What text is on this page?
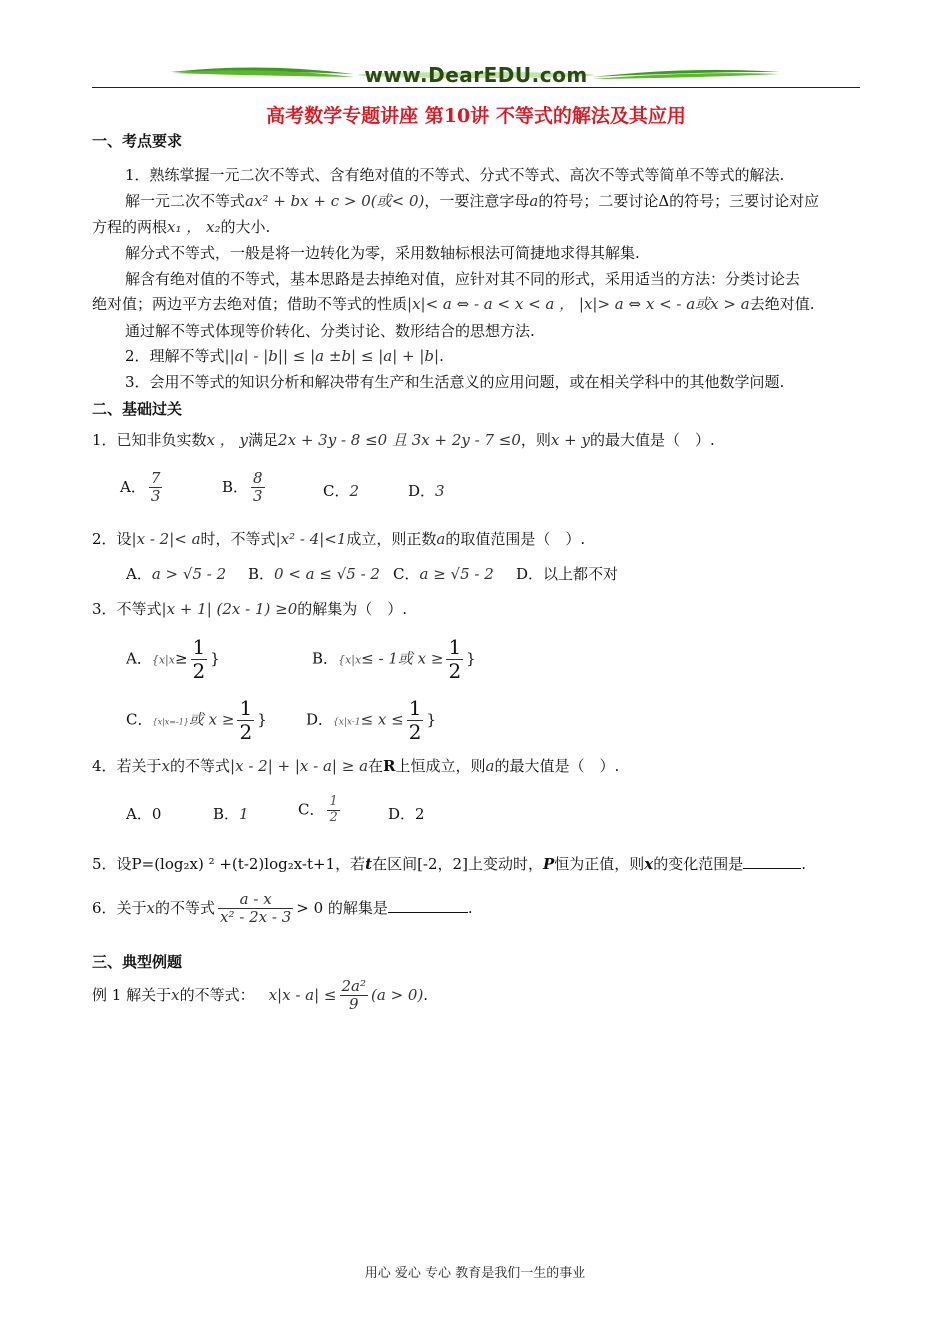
www.DearEDU.com
高考数学专题讲座 第10讲 不等式的解法及其应用
一、考点要求
1．熟练掌握一元二次不等式、含有绝对值的不等式、分式不等式、高次不等式等简单不等式的解法.
解一元二次不等式ax² + bx + c > 0(或< 0)，一要注意字母a的符号；二要讨论Δ的符号；三要讨论对应
方程的两根x₁ ， x₂的大小.
解分式不等式，一般是将一边转化为零，采用数轴标根法可简捷地求得其解集.
解含有绝对值的不等式，基本思路是去掉绝对值，应针对其不同的形式，采用适当的方法：分类讨论去
绝对值；两边平方去绝对值；借助不等式的性质|x|< a ⇔ - a < x < a ， |x|> a ⇔ x < - a或x > a去绝对值.
通过解不等式体现等价转化、分类讨论、数形结合的思想方法.
2．理解不等式||a| - |b|| ≤ |a ±b| ≤ |a| + |b|.
3．会用不等式的知识分析和解决带有生产和生活意义的应用问题，或在相关学科中的其他数学问题.
二、基础过关
1．已知非负实数x ， y满足2x + 3y - 8 ≤0 且 3x + 2y - 7 ≤0，则x + y的最大值是（　）.
A． $\frac{7}{3}$	B． $\frac{8}{3}$	C．2	D．3
2．设|x - 2|< a时，不等式|x² - 4|<1成立，则正数a的取值范围是（　）.
A．a > √5 - 2 B．0 < a ≤ √5 - 2 C．a ≥ √5 - 2 D．以上都不对
3．不等式|x + 1| (2x - 1) ≥0的解集为（　）.
A．{$x|x\ge \frac{1}{2}$ }	B．{x|x≤ - 1或 $x \ge \frac{1}{2}$ }
C．{x|x=-1}或 $x \ge \frac{1}{2}$ }	D．{$x|x-1\le x \le \frac{1}{2}$ }
4．若关于x的不等式|x - 2| + |x - a| ≥ a在R上恒成立，则a的最大值是（　）.
A．0	B．1	C． $\frac{1}{2}$	D．2
5．设P=(log₂x) ² +(t-2)log₂x-t+1，若t在区间[-2，2]上变动时，P恒为正值，则x的变化范围是	.
6．关于x的不等式 $\frac{a - x}{\text{x² - 2x - 3}} > 0$ 的解集是	.
三、典型例题
例 1 解关于x的不等式： $x|x - a| \le \frac{\text{2a²}}{9} (a > 0)$.
用心 爱心 专心 教育是我们一生的事业
